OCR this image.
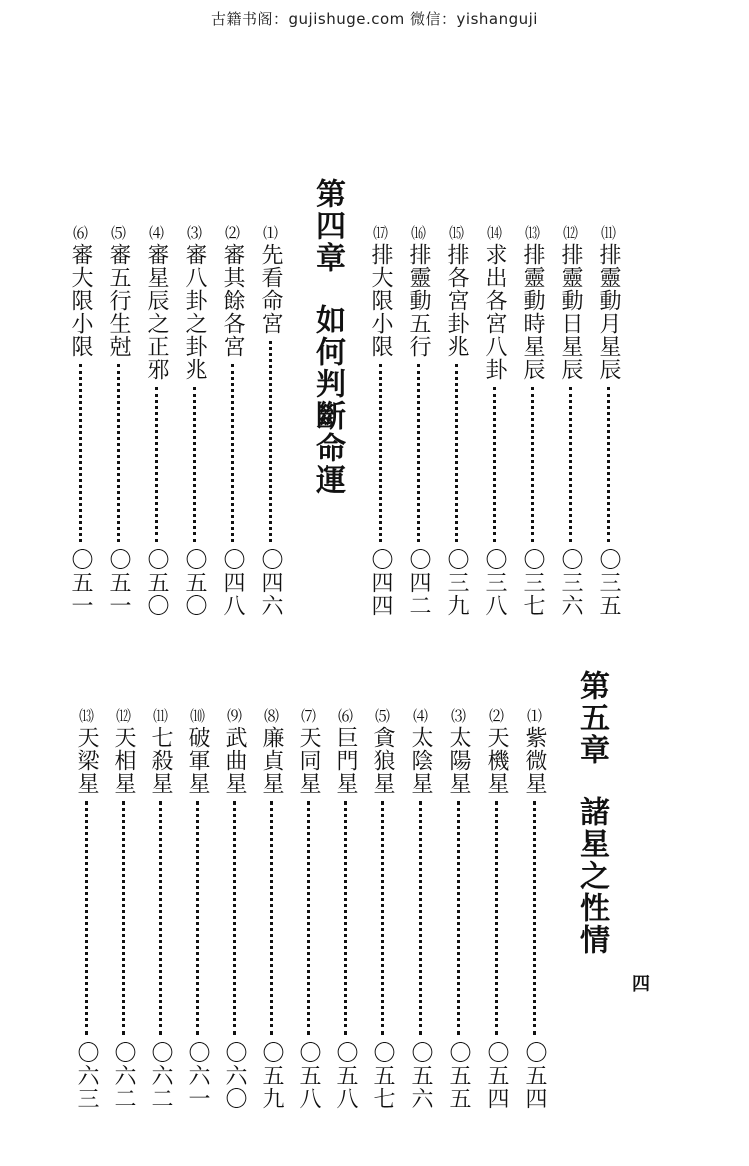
古籍书阁：gujishuge.com 微信：yishanguji
⑾
排靈動月星辰
〇三五
⑿
排靈動日星辰
〇三六
⒀
排靈動時星辰
〇三七
⒁
求出各宮八卦
〇三八
⒂
排各宮卦兆
〇三九
⒃
排靈動五行
〇四二
⒄
排大限小限
〇四四
第四章如何判斷命運
⑴
先看命宮
〇四六
⑵
審其餘各宮
〇四八
⑶
審八卦之卦兆
〇五〇
⑷
審星辰之正邪
〇五〇
⑸
審五行生尅
〇五一
⑹
審大限小限
〇五一
第五章諸星之性情
⑴
紫微星
〇五四
⑵
天機星
〇五四
⑶
太陽星
〇五五
⑷
太陰星
〇五六
⑸
貪狼星
〇五七
⑹
巨門星
〇五八
⑺
天同星
〇五八
⑻
廉貞星
〇五九
⑼
武曲星
〇六〇
⑽
破軍星
〇六一
⑾
七殺星
〇六二
⑿
天相星
〇六二
⒀
天梁星
〇六三
四
